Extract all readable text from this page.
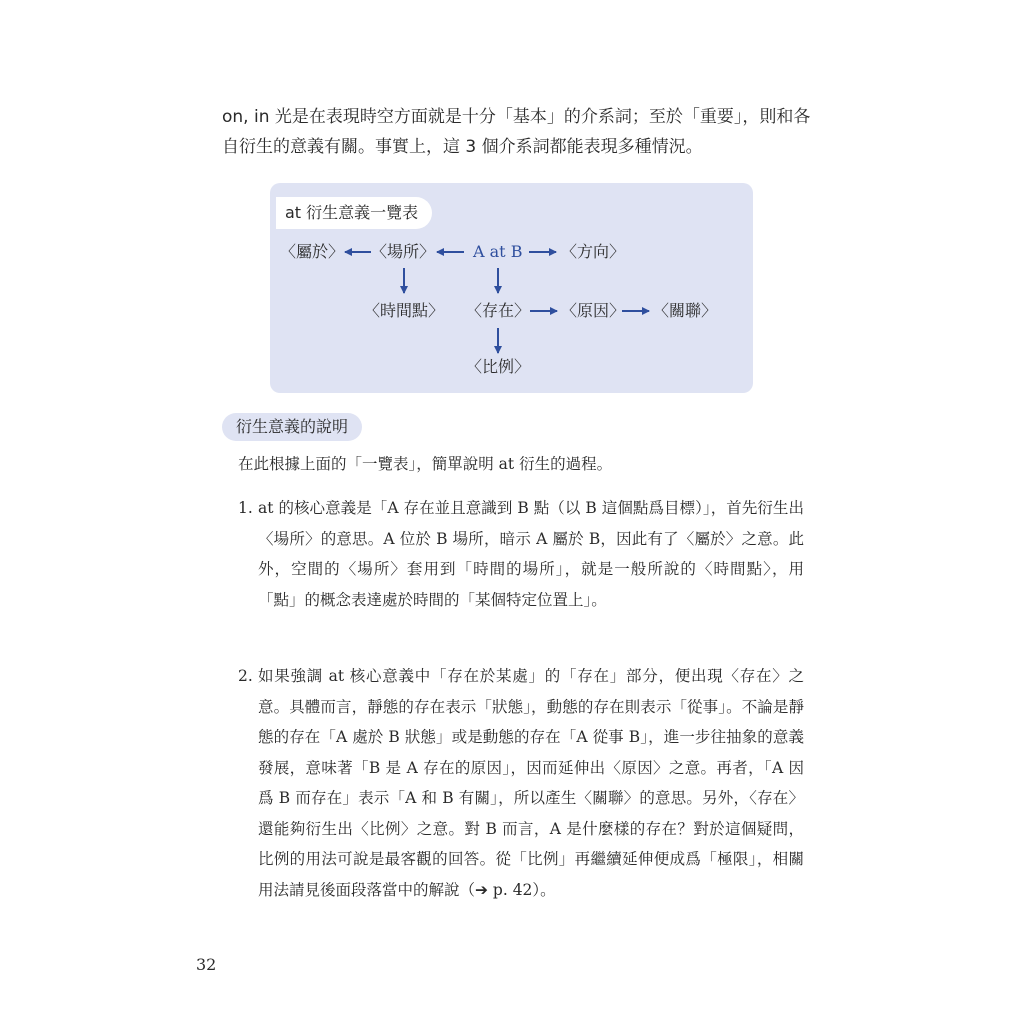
on, in 光是在表現時空方面就是十分「基本」的介系詞；至於「重要」，則和各自衍生的意義有關。事實上，這 3 個介系詞都能表現多種情況。

at 衍生意義一覽表
〈屬於〉 〈場所〉 A at B 〈方向〉
〈時間點〉 〈存在〉 〈原因〉 〈關聯〉
〈比例〉
衍生意義的說明

在此根據上面的「一覽表」，簡單說明 at 衍生的過程。

1. at 的核心意義是「A 存在並且意識到 B 點（以 B 這個點爲目標）」，首先衍生出〈場所〉的意思。A 位於 B 場所，暗示 A 屬於 B，因此有了〈屬於〉之意。此外，空間的〈場所〉套用到「時間的場所」，就是一般所說的〈時間點〉，用「點」的概念表達處於時間的「某個特定位置上」。
2. 如果強調 at 核心意義中「存在於某處」的「存在」部分，便出現〈存在〉之意。具體而言，靜態的存在表示「狀態」，動態的存在則表示「從事」。不論是靜態的存在「A 處於 B 狀態」或是動態的存在「A 從事 B」，進一步往抽象的意義發展，意味著「B 是 A 存在的原因」，因而延伸出〈原因〉之意。再者，「A 因爲 B 而存在」表示「A 和 B 有關」，所以產生〈關聯〉的意思。另外，〈存在〉還能夠衍生出〈比例〉之意。對 B 而言，A 是什麼樣的存在？對於這個疑問，比例的用法可說是最客觀的回答。從「比例」再繼續延伸便成爲「極限」，相關用法請見後面段落當中的解說（➔ p. 42）。
32
